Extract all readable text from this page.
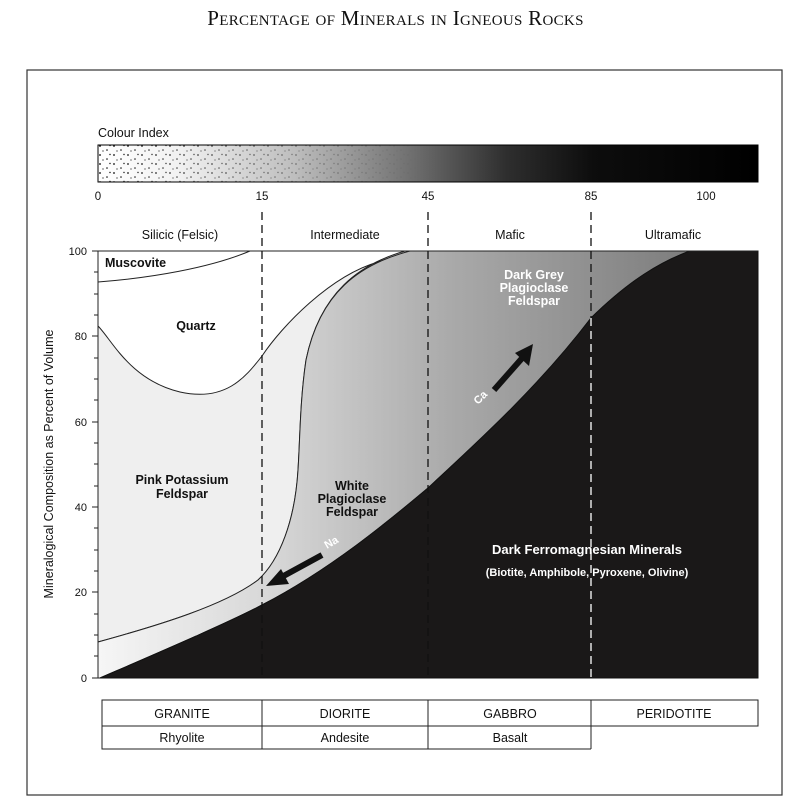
Percentage of Minerals in Igneous Rocks
Colour Index
0	15	45	85	100
Silicic (Felsic)	Intermediate	Mafic	Ultramafic
0
20
40
60
80
100
Mineralogical Composition as Percent of Volume
Muscovite
Quartz
Pink Potassium
Feldspar
White
Plagioclase
Feldspar
Dark Grey
Plagioclase
Feldspar
Dark Ferromagnesian Minerals
(Biotite, Amphibole, Pyroxene, Olivine)
Na
Ca
GRANITE	DIORITE	GABBRO	PERIDOTITE
Rhyolite	Andesite	Basalt
